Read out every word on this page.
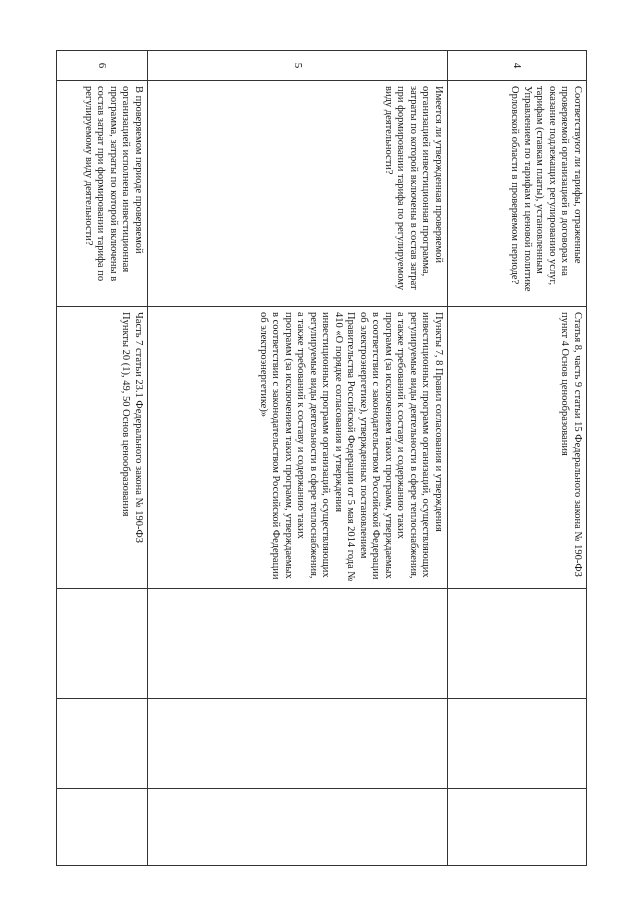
4	Соответствуют ли тарифы, отраженные проверяемой организацией в договорах на оказание подлежащих регулированию услуг, тарифам (ставкам платы), установленным Управлением по тарифам и ценовой политике Орловской области в проверяемом периоде?	Статья 8, часть 9 статьи 15 Федерального закона № 190-ФЗ
пункт 4 Основ ценообразования			
5	Имеется ли утвержденная проверяемой организацией инвестиционная программа, затраты по которой включены в состав затрат при формировании тарифа по регулируемому виду деятельности?	Пункты 7, 8 Правил согласования и утверждения инвестиционных программ организаций, осуществляющих регулируемые виды деятельности в сфере теплоснабжения, а также требований к составу и содержанию таких программ (за исключением таких программ, утверждаемых в соответствии с законодательством Российской Федерации об электроэнергетике), утвержденных постановлением Правительства Российской Федерации от 5 мая 2014 года № 410 «О порядке согласования и утверждения инвестиционных программ организаций, осуществляющих регулируемые виды деятельности в сфере теплоснабжения, а также требований к составу и содержанию таких программ (за исключением таких программ, утверждаемых в соответствии с законодательством Российской Федерации об электроэнергетике)»			
6	В проверяемом периоде проверяемой организацией исполнена инвестиционная программа, затраты по которой включены в состав затрат при формировании тарифа по регулируемому виду деятельности?	Часть 7 статьи 23.1 Федерального закона № 190-ФЗ
Пункты 20 (1), 49, 50 Основ ценообразования			
